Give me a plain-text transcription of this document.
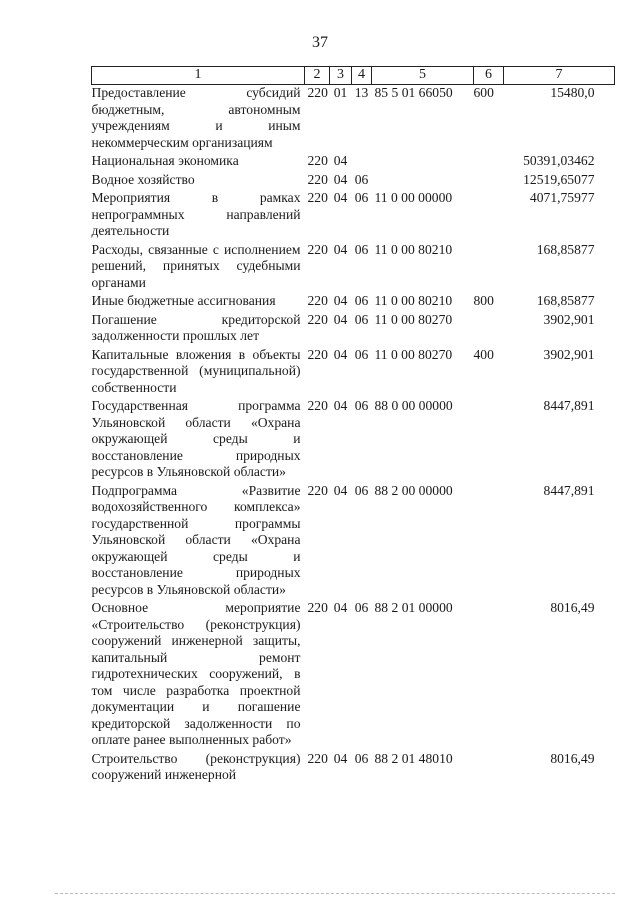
37
1	2	3	4	5	6	7
Предоставление субсидий бюджетным, автономным учреждениям и иным некоммерческим организациям	220	01	13	85 5 01 66050	600	15480,0
Национальная экономика	220	04				50391,03462
Водное хозяйство	220	04	06			12519,65077
Мероприятия в рамках непрограммных направлений деятельности	220	04	06	11 0 00 00000		4071,75977
Расходы, связанные с исполнением решений, принятых судебными органами	220	04	06	11 0 00 80210		168,85877
Иные бюджетные ассигнования	220	04	06	11 0 00 80210	800	168,85877
Погашение кредиторской задолженности прошлых лет	220	04	06	11 0 00 80270		3902,901
Капитальные вложения в объекты государственной (муниципальной) собственности	220	04	06	11 0 00 80270	400	3902,901
Государственная программа Ульяновской области «Охрана окружающей среды и восстановление природных ресурсов в Ульяновской области»	220	04	06	88 0 00 00000		8447,891
Подпрограмма «Развитие водохозяйственного комплекса» государственной программы Ульяновской области «Охрана окружающей среды и восстановление природных ресурсов в Ульяновской области»	220	04	06	88 2 00 00000		8447,891
Основное мероприятие «Строительство (реконструкция) сооружений инженерной защиты, капитальный ремонт гидротехнических сооружений, в том числе разработка проектной документации и погашение кредиторской задолженности по оплате ранее выполненных работ»	220	04	06	88 2 01 00000		8016,49
Строительство (реконструкция) сооружений инженерной	220	04	06	88 2 01 48010		8016,49
